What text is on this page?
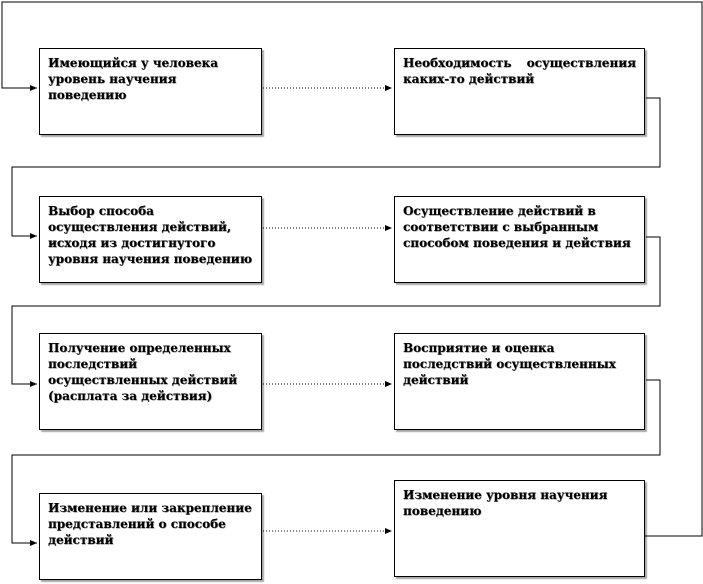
Имеющийся у человека уровень научения поведению
Необходимость осуществления каких-то действий
Выбор способа осуществления действий, исходя из достигнутого уровня научения поведению
Осуществление действий в соответствии с выбранным способом поведения и действия
Получение определенных последствий осуществленных действий (расплата за действия)
Восприятие и оценка последствий осуществленных действий
Изменение или закрепление представлений о способе действий
Изменение уровня научения поведению
